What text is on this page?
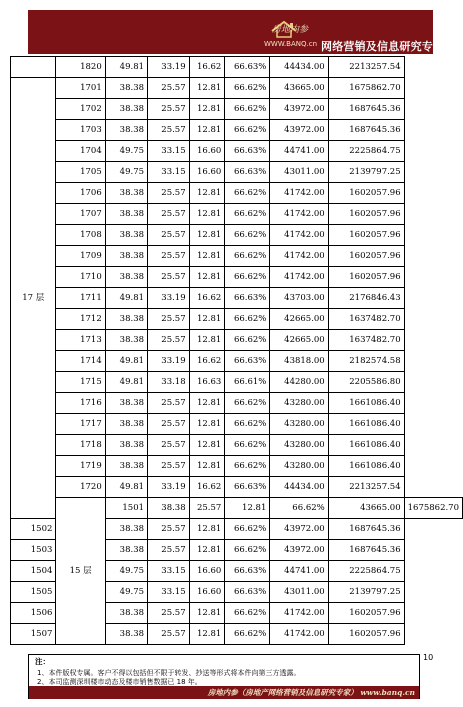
房地内参
WWW.BANQ.cn 网络营销及信息研究专家
	1820	49.81	33.19	16.62	66.63%	44434.00	2213257.54	
17 层	1701	38.38	25.57	12.81	66.62%	43665.00	1675862.70	
	1702	38.38	25.57	12.81	66.62%	43972.00	1687645.36	
	1703	38.38	25.57	12.81	66.62%	43972.00	1687645.36	
	1704	49.75	33.15	16.60	66.63%	44741.00	2225864.75	
	1705	49.75	33.15	16.60	66.63%	43011.00	2139797.25	
	1706	38.38	25.57	12.81	66.62%	41742.00	1602057.96	
	1707	38.38	25.57	12.81	66.62%	41742.00	1602057.96	
	1708	38.38	25.57	12.81	66.62%	41742.00	1602057.96	
	1709	38.38	25.57	12.81	66.62%	41742.00	1602057.96	
	1710	38.38	25.57	12.81	66.62%	41742.00	1602057.96	
	1711	49.81	33.19	16.62	66.63%	43703.00	2176846.43	
	1712	38.38	25.57	12.81	66.62%	42665.00	1637482.70	
	1713	38.38	25.57	12.81	66.62%	42665.00	1637482.70	
	1714	49.81	33.19	16.62	66.63%	43818.00	2182574.58	
	1715	49.81	33.18	16.63	66.61%	44280.00	2205586.80	
	1716	38.38	25.57	12.81	66.62%	43280.00	1661086.40	
	1717	38.38	25.57	12.81	66.62%	43280.00	1661086.40	
	1718	38.38	25.57	12.81	66.62%	43280.00	1661086.40	
	1719	38.38	25.57	12.81	66.62%	43280.00	1661086.40	
	1720	49.81	33.19	16.62	66.63%	44434.00	2213257.54	
	15 层	1501	38.38	25.57	12.81	66.62%	43665.00	1675862.70
1502		38.38	25.57	12.81	66.62%	43972.00	1687645.36	
1503		38.38	25.57	12.81	66.62%	43972.00	1687645.36	
1504		49.75	33.15	16.60	66.63%	44741.00	2225864.75	
1505		49.75	33.15	16.60	66.63%	43011.00	2139797.25	
1506		38.38	25.57	12.81	66.62%	41742.00	1602057.96	
1507		38.38	25.57	12.81	66.62%	41742.00	1602057.96	
注：
1、本件版权专属。客户不得以包括但不限于转发、抄送等形式将本件向第三方透露。
2、本司监测深圳楼市动态及楼市销售数据已 18 年。
房地内参（房地产网络营销及信息研究专家） www.banq.cn
10
